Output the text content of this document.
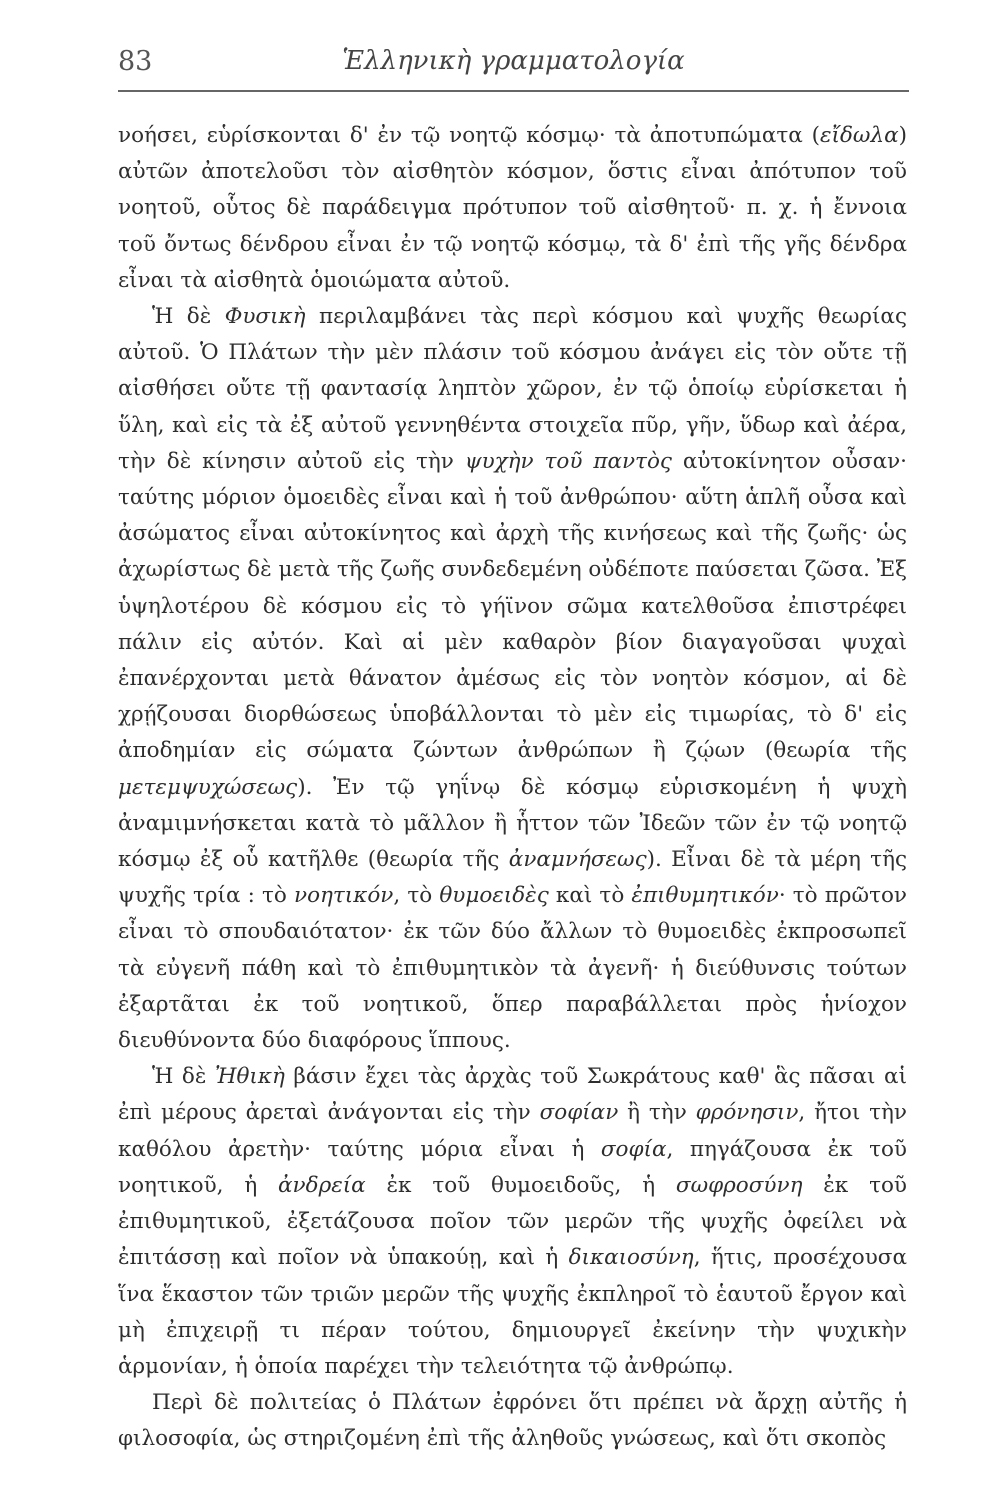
83	Ἑλληνικὴ γραμματολογία

νοήσει, εὑρίσκονται δ' ἐν τῷ νοητῷ κόσμῳ· τὰ ἀποτυπώματα (εἴδωλα) αὐτῶν ἀποτελοῦσι τὸν αἰσθητὸν κόσμον, ὅστις εἶναι ἀπότυπον τοῦ νοητοῦ, οὗτος δὲ παράδειγμα πρότυπον τοῦ αἰσθητοῦ· π. χ. ἡ ἔννοια τοῦ ὄντως δένδρου εἶναι ἐν τῷ νοητῷ κόσμῳ, τὰ δ' ἐπὶ τῆς γῆς δένδρα εἶναι τὰ αἰσθητὰ ὁμοιώματα αὐτοῦ.

Ἡ δὲ Φυσικὴ περιλαμβάνει τὰς περὶ κόσμου καὶ ψυχῆς θεωρίας αὐτοῦ. Ὁ Πλάτων τὴν μὲν πλάσιν τοῦ κόσμου ἀνάγει εἰς τὸν οὔτε τῇ αἰσθήσει οὔτε τῇ φαντασίᾳ ληπτὸν χῶρον, ἐν τῷ ὁποίῳ εὑρίσκεται ἡ ὕλη, καὶ εἰς τὰ ἐξ αὐτοῦ γεννηθέντα στοιχεῖα πῦρ, γῆν, ὕδωρ καὶ ἀέρα, τὴν δὲ κίνησιν αὐτοῦ εἰς τὴν ψυχὴν τοῦ παντὸς αὐτοκίνητον οὖσαν· ταύτης μόριον ὁμοειδὲς εἶναι καὶ ἡ τοῦ ἀνθρώπου· αὕτη ἁπλῆ οὖσα καὶ ἀσώματος εἶναι αὐτοκίνητος καὶ ἀρχὴ τῆς κινήσεως καὶ τῆς ζωῆς· ὡς ἀχωρίστως δὲ μετὰ τῆς ζωῆς συνδεδεμένη οὐδέποτε παύσεται ζῶσα. Ἐξ ὑψηλοτέρου δὲ κόσμου εἰς τὸ γήϊνον σῶμα κατελθοῦσα ἐπιστρέφει πάλιν εἰς αὐτόν. Καὶ αἱ μὲν καθαρὸν βίον διαγαγοῦσαι ψυχαὶ ἐπανέρχονται μετὰ θάνατον ἀμέσως εἰς τὸν νοητὸν κόσμον, αἱ δὲ χρῄζουσαι διορθώσεως ὑποβάλλονται τὸ μὲν εἰς τιμωρίας, τὸ δ' εἰς ἀποδημίαν εἰς σώματα ζώντων ἀνθρώπων ἢ ζῴων (θεωρία τῆς μετεμψυχώσεως). Ἐν τῷ γηΐνῳ δὲ κόσμῳ εὑρισκομένη ἡ ψυχὴ ἀναμιμνήσκεται κατὰ τὸ μᾶλλον ἢ ἧττον τῶν Ἰδεῶν τῶν ἐν τῷ νοητῷ κόσμῳ ἐξ οὗ κατῆλθε (θεωρία τῆς ἀναμνήσεως). Εἶναι δὲ τὰ μέρη τῆς ψυχῆς τρία : τὸ νοητικόν, τὸ θυμοειδὲς καὶ τὸ ἐπιθυμητικόν· τὸ πρῶτον εἶναι τὸ σπουδαιότατον· ἐκ τῶν δύο ἄλλων τὸ θυμοειδὲς ἐκπροσωπεῖ τὰ εὐγενῆ πάθη καὶ τὸ ἐπιθυμητικὸν τὰ ἀγενῆ· ἡ διεύθυνσις τούτων ἐξαρτᾶται ἐκ τοῦ νοητικοῦ, ὅπερ παραβάλλεται πρὸς ἡνίοχον διευθύνοντα δύο διαφόρους ἵππους.

Ἡ δὲ Ἠθικὴ βάσιν ἔχει τὰς ἀρχὰς τοῦ Σωκράτους καθ' ἃς πᾶσαι αἱ ἐπὶ μέρους ἀρεταὶ ἀνάγονται εἰς τὴν σοφίαν ἢ τὴν φρόνησιν, ἤτοι τὴν καθόλου ἀρετὴν· ταύτης μόρια εἶναι ἡ σοφία, πηγάζουσα ἐκ τοῦ νοητικοῦ, ἡ ἀνδρεία ἐκ τοῦ θυμοειδοῦς, ἡ σωφροσύνη ἐκ τοῦ ἐπιθυμητικοῦ, ἐξετάζουσα ποῖον τῶν μερῶν τῆς ψυχῆς ὀφείλει νὰ ἐπιτάσσῃ καὶ ποῖον νὰ ὑπακούῃ, καὶ ἡ δικαιοσύνη, ἥτις, προσέχουσα ἵνα ἕκαστον τῶν τριῶν μερῶν τῆς ψυχῆς ἐκπληροῖ τὸ ἑαυτοῦ ἔργον καὶ μὴ ἐπιχειρῇ τι πέραν τούτου, δημιουργεῖ ἐκείνην τὴν ψυχικὴν ἁρμονίαν, ἡ ὁποία παρέχει τὴν τελειότητα τῷ ἀνθρώπῳ.

Περὶ δὲ πολιτείας ὁ Πλάτων ἐφρόνει ὅτι πρέπει νὰ ἄρχῃ αὐτῆς ἡ φιλοσοφία, ὡς στηριζομένη ἐπὶ τῆς ἀληθοῦς γνώσεως, καὶ ὅτι σκοπὸς
